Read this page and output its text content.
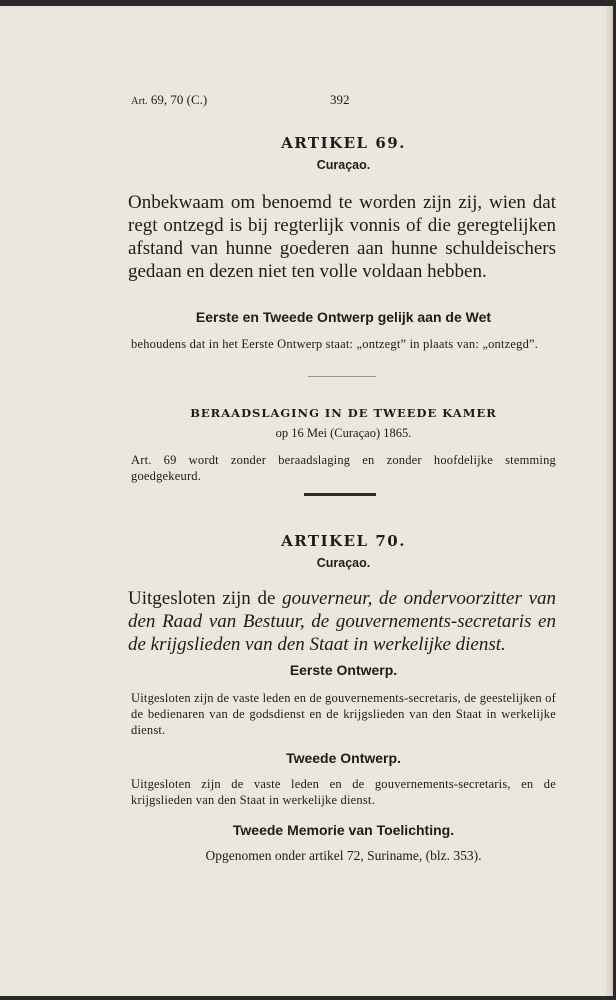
Art. 69, 70 (C.)	392
ARTIKEL 69.
Curaçao.
Onbekwaam om benoemd te worden zijn zij, wien dat regt ontzegd is bij regterlijk vonnis of die geregtelijken afstand van hunne goederen aan hunne schuldeischers gedaan en dezen niet ten volle voldaan hebben.
Eerste en Tweede Ontwerp gelijk aan de Wet
behoudens dat in het Eerste Ontwerp staat: „ontzegt” in plaats van: „ontzegd”.
BERAADSLAGING IN DE TWEEDE KAMER
op 16 Mei (Curaçao) 1865.
Art. 69 wordt zonder beraadslaging en zonder hoofdelijke stemming goedgekeurd.
ARTIKEL 70.
Curaçao.
Uitgesloten zijn de gouverneur, de ondervoorzitter van den Raad van Bestuur, de gouvernements-secretaris en de krijgslieden van den Staat in werkelijke dienst.
Eerste Ontwerp.
Uitgesloten zijn de vaste leden en de gouvernements-secretaris, de geestelijken of de bedienaren van de godsdienst en de krijgslieden van den Staat in werkelijke dienst.
Tweede Ontwerp.
Uitgesloten zijn de vaste leden en de gouvernements-secretaris, en de krijgslieden van den Staat in werkelijke dienst.
Tweede Memorie van Toelichting.
Opgenomen onder artikel 72, Suriname, (blz. 353).
